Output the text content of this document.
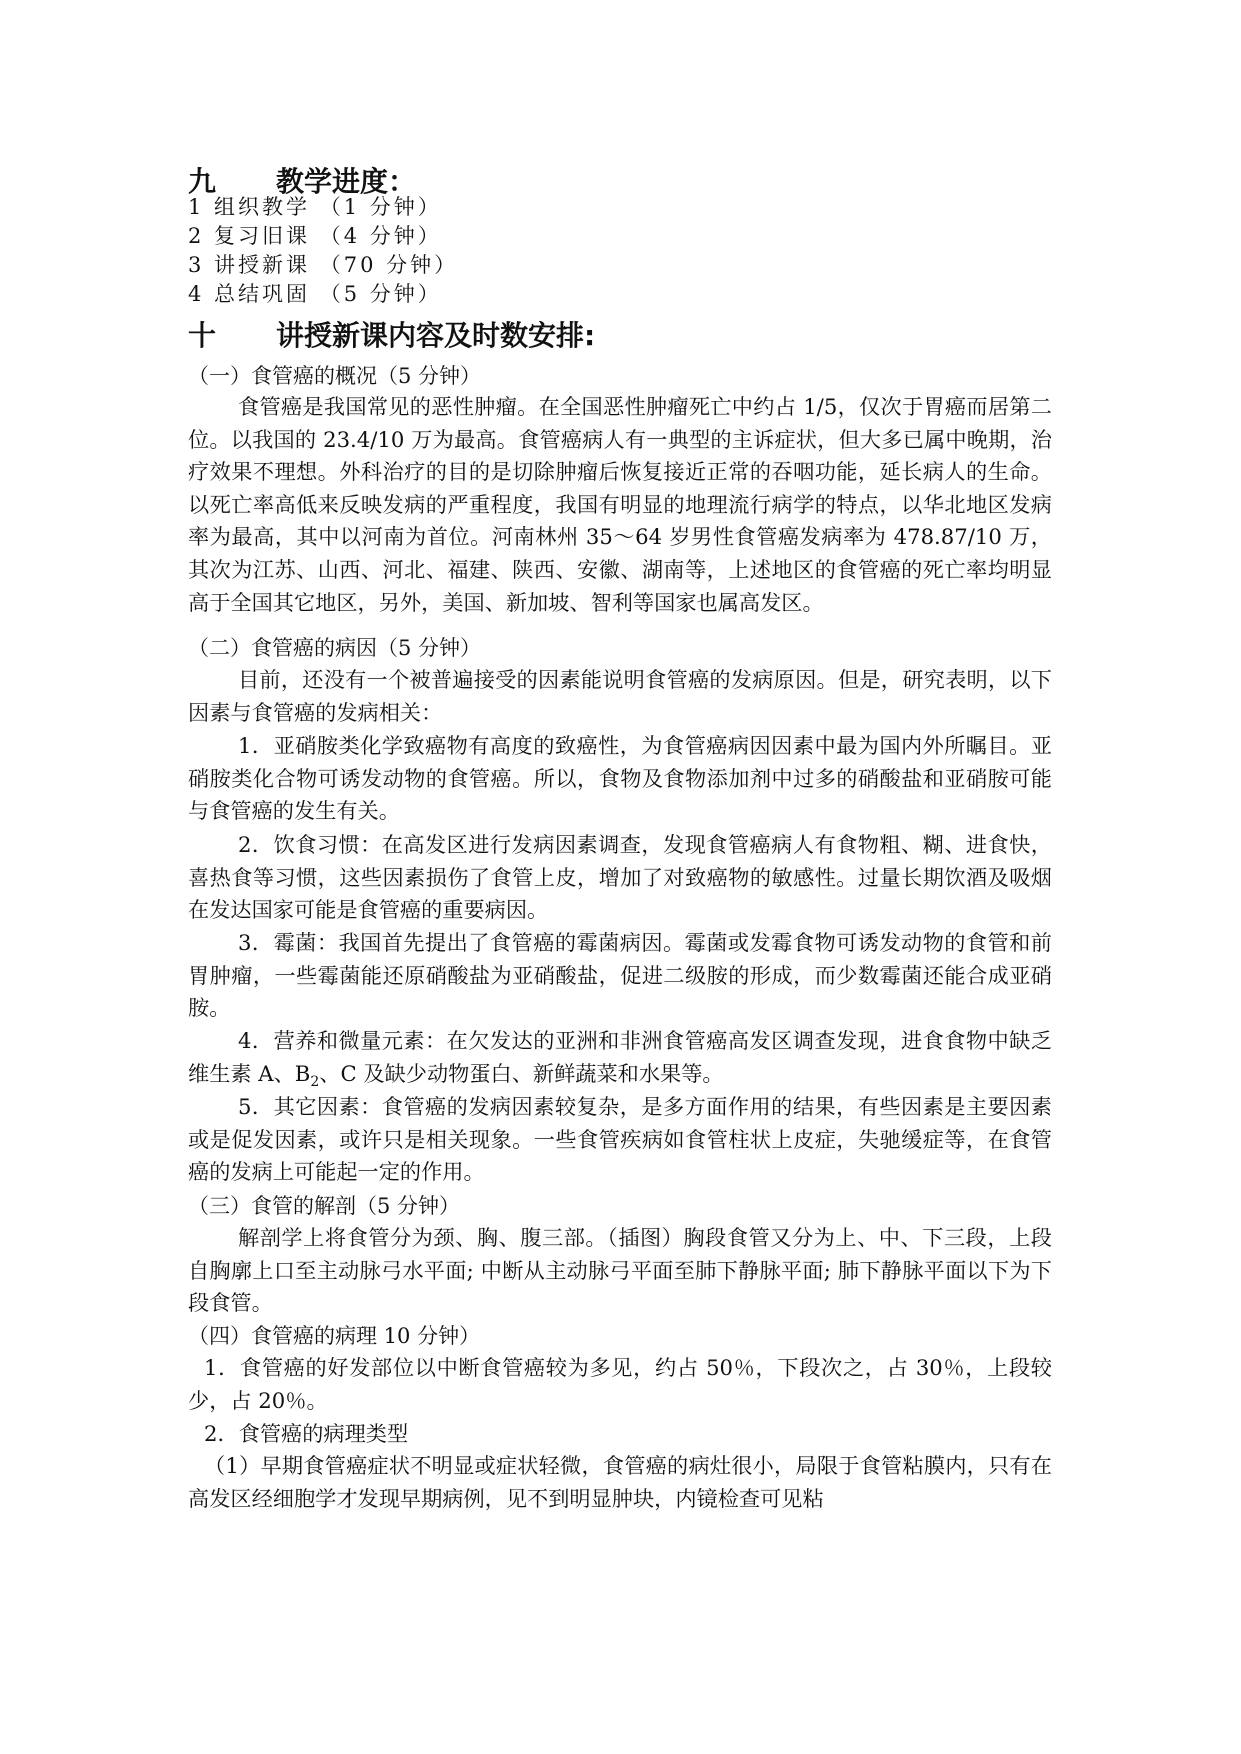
九 教学进度：
1 组织教学 （1 分钟）
2 复习旧课 （4 分钟）
3 讲授新课 （70 分钟）
4 总结巩固 （5 分钟）
十 讲授新课内容及时数安排:
（一）食管癌的概况（5 分钟）
食管癌是我国常见的恶性肿瘤。在全国恶性肿瘤死亡中约占 1/5，仅次于胃癌而居第二位。以我国的 23.4/10 万为最高。食管癌病人有一典型的主诉症状，但大多已属中晚期，治疗效果不理想。外科治疗的目的是切除肿瘤后恢复接近正常的吞咽功能，延长病人的生命。以死亡率高低来反映发病的严重程度，我国有明显的地理流行病学的特点，以华北地区发病率为最高，其中以河南为首位。河南林州 35～64 岁男性食管癌发病率为 478.87/10 万，其次为江苏、山西、河北、福建、陕西、安徽、湖南等，上述地区的食管癌的死亡率均明显高于全国其它地区，另外，美国、新加坡、智利等国家也属高发区。
（二）食管癌的病因（5 分钟）
目前，还没有一个被普遍接受的因素能说明食管癌的发病原因。但是，研究表明，以下因素与食管癌的发病相关：
1．亚硝胺类化学致癌物有高度的致癌性，为食管癌病因因素中最为国内外所瞩目。亚硝胺类化合物可诱发动物的食管癌。所以，食物及食物添加剂中过多的硝酸盐和亚硝胺可能与食管癌的发生有关。
2．饮食习惯：在高发区进行发病因素调查，发现食管癌病人有食物粗、糊、进食快，喜热食等习惯，这些因素损伤了食管上皮，增加了对致癌物的敏感性。过量长期饮酒及吸烟在发达国家可能是食管癌的重要病因。
3．霉菌：我国首先提出了食管癌的霉菌病因。霉菌或发霉食物可诱发动物的食管和前胃肿瘤，一些霉菌能还原硝酸盐为亚硝酸盐，促进二级胺的形成，而少数霉菌还能合成亚硝胺。
4．营养和微量元素：在欠发达的亚洲和非洲食管癌高发区调查发现，进食食物中缺乏维生素 A、$B_2$、C 及缺少动物蛋白、新鲜蔬菜和水果等。
5．其它因素：食管癌的发病因素较复杂，是多方面作用的结果，有些因素是主要因素或是促发因素，或许只是相关现象。一些食管疾病如食管柱状上皮症，失驰缓症等，在食管癌的发病上可能起一定的作用。
（三）食管的解剖（5 分钟）
解剖学上将食管分为颈、胸、腹三部。（插图）胸段食管又分为上、中、下三段，上段自胸廓上口至主动脉弓水平面; 中断从主动脉弓平面至肺下静脉平面; 肺下静脉平面以下为下段食管。
（四）食管癌的病理 10 分钟）
1．食管癌的好发部位以中断食管癌较为多见，约占 50％，下段次之，占 30％，上段较少，占 20％。
2．食管癌的病理类型
（1）早期食管癌症状不明显或症状轻微，食管癌的病灶很小，局限于食管粘膜内，只有在高发区经细胞学才发现早期病例，见不到明显肿块，内镜检查可见粘
